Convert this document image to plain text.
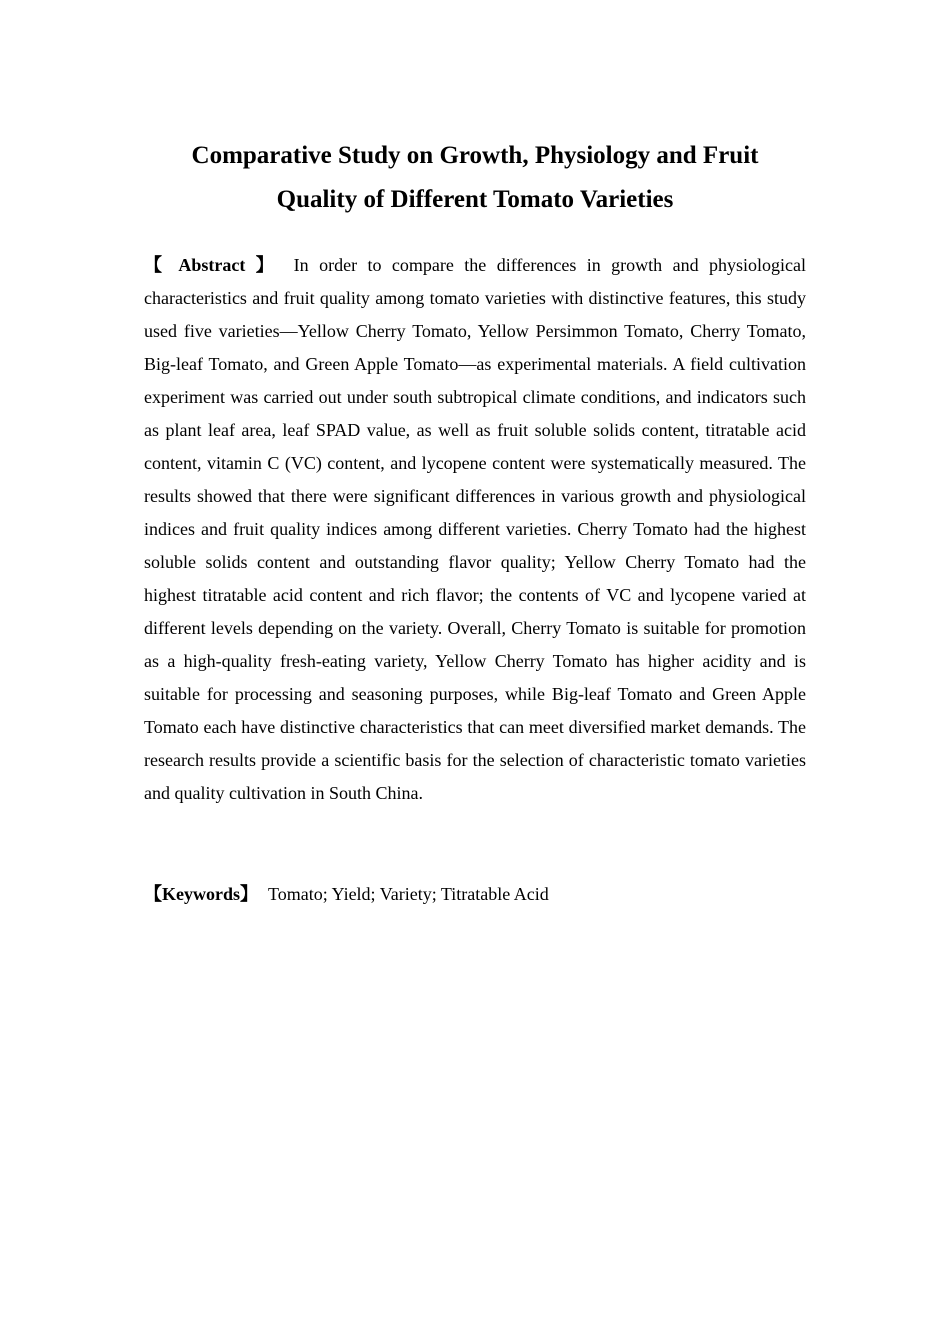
Comparative Study on Growth, Physiology and Fruit
Quality of Different Tomato Varieties

【 Abstract 】 In order to compare the differences in growth and physiological characteristics and fruit quality among tomato varieties with distinctive features, this study used five varieties—Yellow Cherry Tomato, Yellow Persimmon Tomato, Cherry Tomato, Big-leaf Tomato, and Green Apple Tomato—as experimental materials. A field cultivation experiment was carried out under south subtropical climate conditions, and indicators such as plant leaf area, leaf SPAD value, as well as fruit soluble solids content, titratable acid content, vitamin C (VC) content, and lycopene content were systematically measured. The results showed that there were significant differences in various growth and physiological indices and fruit quality indices among different varieties. Cherry Tomato had the highest soluble solids content and outstanding flavor quality; Yellow Cherry Tomato had the highest titratable acid content and rich flavor; the contents of VC and lycopene varied at different levels depending on the variety. Overall, Cherry Tomato is suitable for promotion as a high-quality fresh-eating variety, Yellow Cherry Tomato has higher acidity and is suitable for processing and seasoning purposes, while Big-leaf Tomato and Green Apple Tomato each have distinctive characteristics that can meet diversified market demands. The research results provide a scientific basis for the selection of characteristic tomato varieties and quality cultivation in South China.

【Keywords】 Tomato; Yield; Variety; Titratable Acid
